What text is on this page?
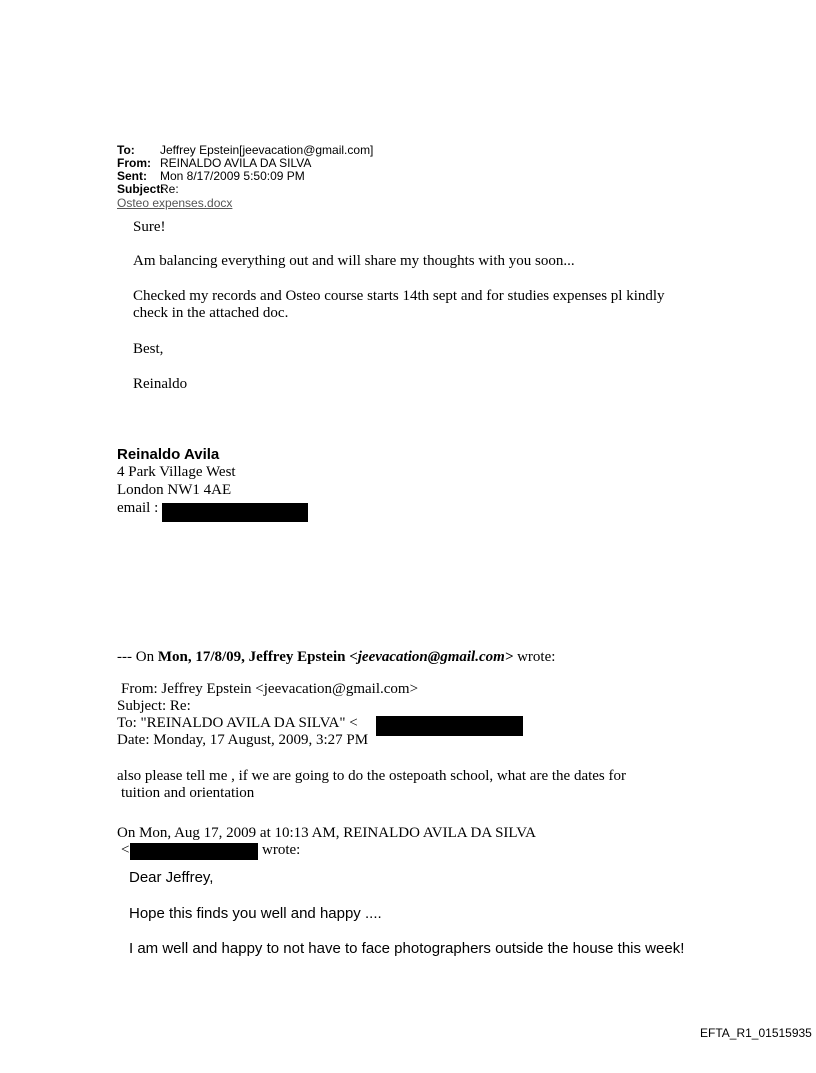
To: Jeffrey Epstein[jeevacation@gmail.com]
From: REINALDO AVILA DA SILVA
Sent: Mon 8/17/2009 5:50:09 PM
Subject:Re:
Osteo expenses.docx
Sure!
Am balancing everything out and will share my thoughts with you soon...
Checked my records and Osteo course starts 14th sept and for studies expenses pl kindly
check in the attached doc.
Best,
Reinaldo
Reinaldo Avila
4 Park Village West
London NW1 4AE
email :
--- On Mon, 17/8/09, Jeffrey Epstein <jeevacation@gmail.com> wrote:
From: Jeffrey Epstein <jeevacation@gmail.com>
Subject: Re:
To: "REINALDO AVILA DA SILVA" <
Date: Monday, 17 August, 2009, 3:27 PM
also please tell me , if we are going to do the ostepoath school, what are the dates for
tuition and orientation
On Mon, Aug 17, 2009 at 10:13 AM, REINALDO AVILA DA SILVA
<	wrote:
Dear Jeffrey,
Hope this finds you well and happy ....
I am well and happy to not have to face photographers outside the house this week!
EFTA_R1_01515935
